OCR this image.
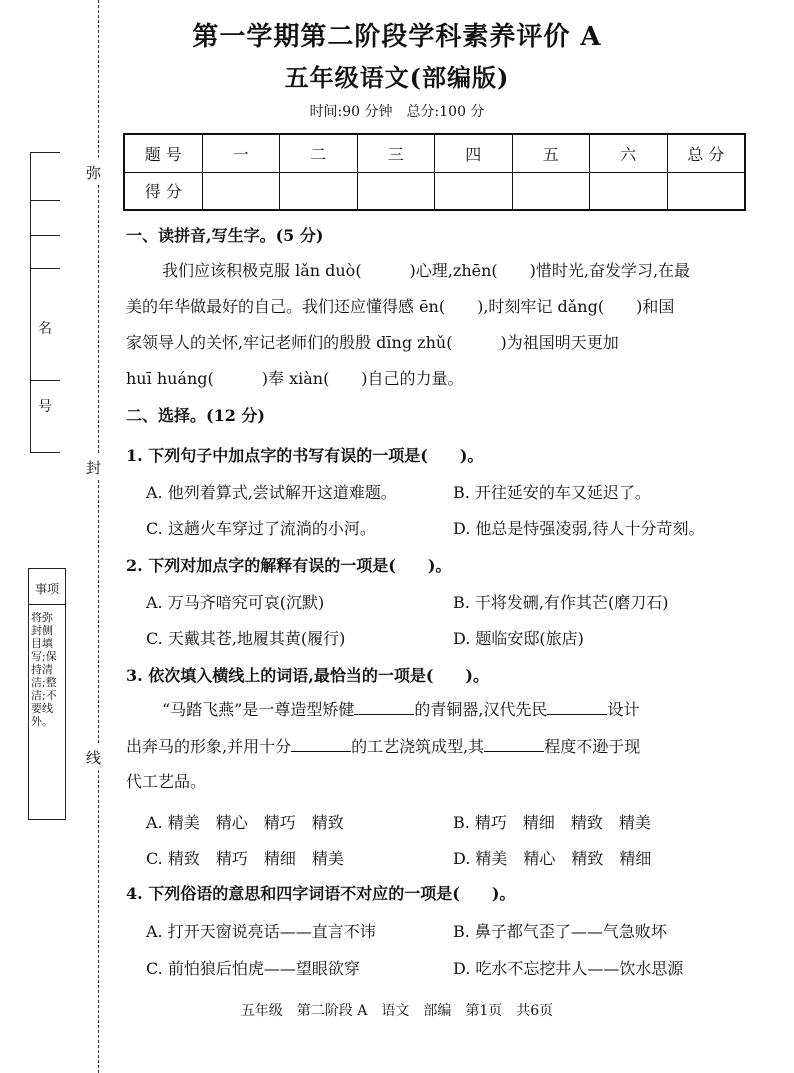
弥
封
线
名
号
事项
将弥封侧目填写;保持清洁;整洁;不要线外。
第一学期第二阶段学科素养评价 A
五年级语文(部编版)
时间:90 分钟　总分:100 分
题 号	一	二	三	四	五	六	总 分
得 分							
一、读拼音,写生字。(5 分)
我们应该积极克服 lǎn duò(　　　)心理,zhēn(　　)惜时光,奋发学习,在最
美的年华做最好的自己。我们还应懂得感 ēn(　　),时刻牢记 dǎng(　　)和国
家领导人的关怀,牢记老师们的殷殷 dīng zhǔ(　　　)为祖国明天更加
huī huáng(　　　)奉 xiàn(　　)自己的力量。
二、选择。(12 分)
1. 下列句子中加点字的书写有误的一项是(　　)。
A. 他列着算式,尝试解开这道难题。	B. 开往延安的车又延迟了。
C. 这趟火车穿过了流淌的小河。	D. 他总是恃强凌弱,待人十分苛刻。
2. 下列对加点字的解释有误的一项是(　　)。
A. 万马齐喑究可哀(沉默)	B. 干将发硎,有作其芒(磨刀石)
C. 天戴其苍,地履其黄(履行)	D. 题临安邸(旅店)
3. 依次填入横线上的词语,最恰当的一项是(　　)。
“马踏飞燕”是一尊造型矫健	的青铜器,汉代先民	设计
出奔马的形象,并用十分	的工艺浇筑成型,其	程度不逊于现
代工艺品。
A. 精美　精心　精巧　精致	B. 精巧　精细　精致　精美
C. 精致　精巧　精细　精美	D. 精美　精心　精致　精细
4. 下列俗语的意思和四字词语不对应的一项是(　　)。
A. 打开天窗说亮话——直言不讳	B. 鼻子都气歪了——气急败坏
C. 前怕狼后怕虎——望眼欲穿	D. 吃水不忘挖井人——饮水思源
五年级　第二阶段 A　语文　部编　第1页　共6页
